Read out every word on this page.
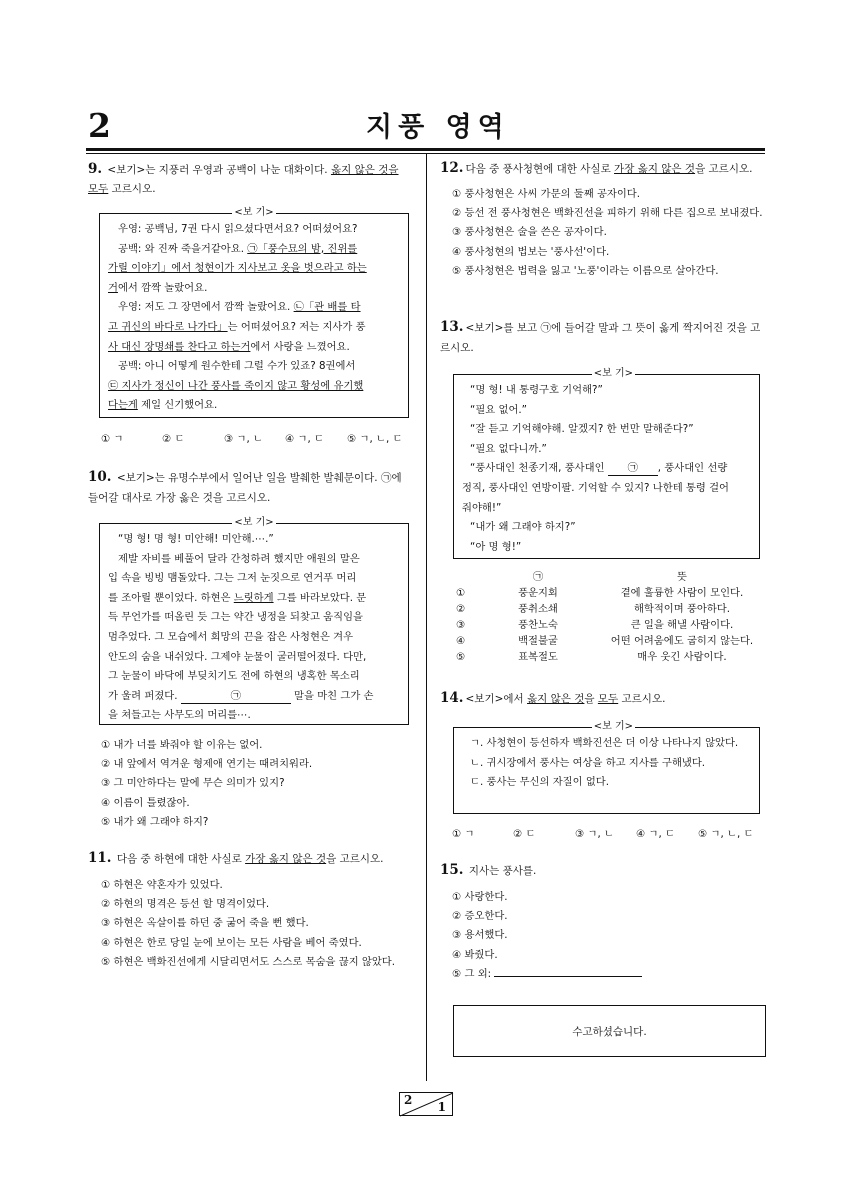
2	지풍 영역
9. <보기>는 지풍러 우영과 공백이 나눈 대화이다. 옳지 않은 것을
모두 고르시오.
<보 기>
우영: 공백님, 7권 다시 읽으셨다면서요? 어떠셨어요?
공백: 와 진짜 죽을거같아요. ㉠「풍수묘의 밤, 진위를
가릴 이야기」에서 청현이가 지사보고 옷을 벗으라고 하는
거에서 깜짝 놀랐어요.
우영: 저도 그 장면에서 깜짝 놀랐어요. ㉡「관 배를 타
고 귀신의 바다로 나가다」는 어떠셨어요? 저는 지사가 풍
사 대신 장명쇄를 찬다고 하는거에서 사랑을 느꼈어요.
공백: 아니 어떻게 원수한테 그럴 수가 있죠? 8권에서
㉢ 지사가 정신이 나간 풍사를 죽이지 않고 황성에 유기했
다는게 제일 신기했어요.
① ㄱ	② ㄷ	③ ㄱ, ㄴ	④ ㄱ, ㄷ	⑤ ㄱ, ㄴ, ㄷ
10. <보기>는 유명수부에서 일어난 일을 발췌한 발췌문이다. ㉠에 들어갈 대사로 가장 옳은 것을 고르시오.
<보 기>
“명 형! 명 형! 미안해! 미안해.⋯.”
제발 자비를 베풀어 달라 간청하려 했지만 애원의 말은
입 속을 빙빙 맴돌았다. 그는 그저 눈짓으로 연거푸 머리
를 조아릴 뿐이었다. 하현은 느릿하게 그를 바라보았다. 문
득 무언가를 떠올린 듯 그는 약간 냉정을 되찾고 움직임을
멈추었다. 그 모습에서 희망의 끈을 잡은 사청현은 겨우
안도의 숨을 내쉬었다. 그제야 눈물이 굴러떨어졌다. 다만,
그 눈물이 바닥에 부딪치기도 전에 하현의 냉혹한 목소리
가 울려 퍼졌다.	㉠	말을 마친 그가 손
을 쳐들고는 사무도의 머리를⋯.
① 내가 너를 봐줘야 할 이유는 없어.
② 내 앞에서 역겨운 형제애 연기는 때려치워라.
③ 그 미안하다는 말에 무슨 의미가 있지?
④ 이름이 틀렸잖아.
⑤ 내가 왜 그래야 하지?
11. 다음 중 하현에 대한 사실로 가장 옳지 않은 것을 고르시오.
① 하현은 약혼자가 있었다.
② 하현의 명격은 등선 할 명격이었다.
③ 하현은 옥살이를 하던 중 굶어 죽을 뻔 했다.
④ 하현은 한로 당일 눈에 보이는 모든 사람을 베어 죽였다.
⑤ 하현은 백화진선에게 시달리면서도 스스로 목숨을 끊지 않았다.
12. 다음 중 풍사청현에 대한 사실로 가장 옳지 않은 것을 고르시오.
① 풍사청현은 사씨 가문의 둘째 공자이다.
② 등선 전 풍사청현은 백화진선을 피하기 위해 다른 집으로 보내졌다.
③ 풍사청현은 술을 쓴은 공자이다.
④ 풍사청현의 법보는 '풍사선'이다.
⑤ 풍사청현은 법력을 잃고 '노풍'이라는 이름으로 살아간다.
13. <보기>를 보고 ㉠에 들어갈 말과 그 뜻이 옳게 짝지어진 것을 고르시오.
<보 기>
“명 형! 내 통령구호 기억해?”
“필요 없어.”
“잘 듣고 기억해야해. 알겠지? 한 번만 말해준다?”
“필요 없다니까.”
“풍사대인 천종기재, 풍사대인 ㉠ , 풍사대인 선량
정직, 풍사대인 연방이팔. 기억할 수 있지? 나한테 통령 걸어
줘야해!”
“내가 왜 그래야 하지?”
“아 명 형!”
㉠	뜻
①	풍운지회	곁에 훌륭한 사람이 모인다.
②	풍취소쇄	해학적이며 풍아하다.
③	풍찬노숙	큰 일을 해낼 사람이다.
④	백절불굴	어떤 어려움에도 굽히지 않는다.
⑤	표복절도	매우 웃긴 사람이다.
14. <보기>에서 옳지 않은 것을 모두 고르시오.
<보 기>
ㄱ. 사청현이 등선하자 백화진선은 더 이상 나타나지 않았다.
ㄴ. 귀시장에서 풍사는 여상을 하고 지사를 구해냈다.
ㄷ. 풍사는 무신의 자질이 없다.
① ㄱ	② ㄷ	③ ㄱ, ㄴ	④ ㄱ, ㄷ	⑤ ㄱ, ㄴ, ㄷ
15. 지사는 풍사를.
① 사랑한다.
② 증오한다.
③ 용서했다.
④ 봐줬다.
⑤ 그 외:
수고하셨습니다.
2 1
